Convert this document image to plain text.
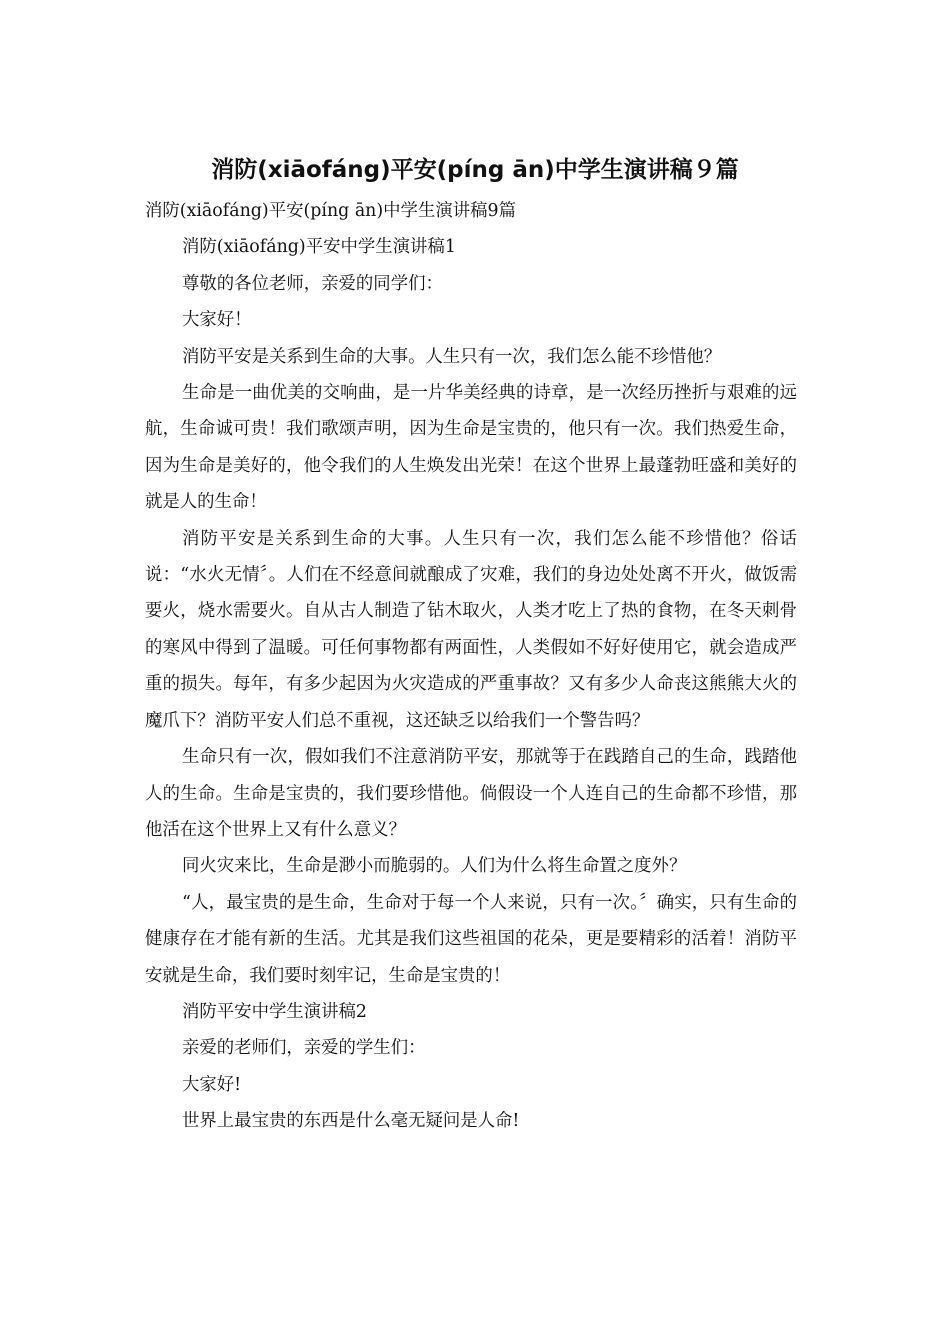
消防(xiāofáng)平安(píng ān)中学生演讲稿９篇

消防(xiāofáng)平安(píng ān)中学生演讲稿9篇

消防(xiāofáng)平安中学生演讲稿1

尊敬的各位老师，亲爱的同学们：

大家好！

消防平安是关系到生命的大事。人生只有一次，我们怎么能不珍惜他？

生命是一曲优美的交响曲，是一片华美经典的诗章，是一次经历挫折与艰难的远航，生命诚可贵！我们歌颂声明，因为生命是宝贵的，他只有一次。我们热爱生命，因为生命是美好的，他令我们的人生焕发出光荣！在这个世界上最蓬勃旺盛和美好的就是人的生命！

消防平安是关系到生命的大事。人生只有一次，我们怎么能不珍惜他？俗话说：“水火无情〞。人们在不经意间就酿成了灾难，我们的身边处处离不开火，做饭需要火，烧水需要火。自从古人制造了钻木取火，人类才吃上了热的食物，在冬天刺骨的寒风中得到了温暖。可任何事物都有两面性，人类假如不好好使用它，就会造成严重的损失。每年，有多少起因为火灾造成的严重事故？又有多少人命丧这熊熊大火的魔爪下？消防平安人们总不重视，这还缺乏以给我们一个警告吗？

生命只有一次，假如我们不注意消防平安，那就等于在践踏自己的生命，践踏他人的生命。生命是宝贵的，我们要珍惜他。倘假设一个人连自己的生命都不珍惜，那他活在这个世界上又有什么意义？

同火灾来比，生命是渺小而脆弱的。人们为什么将生命置之度外？

“人，最宝贵的是生命，生命对于每一个人来说，只有一次。〞确实，只有生命的健康存在才能有新的生活。尤其是我们这些祖国的花朵，更是要精彩的活着！消防平安就是生命，我们要时刻牢记，生命是宝贵的！

消防平安中学生演讲稿2

亲爱的老师们，亲爱的学生们：

大家好!

世界上最宝贵的东西是什么毫无疑问是人命!
